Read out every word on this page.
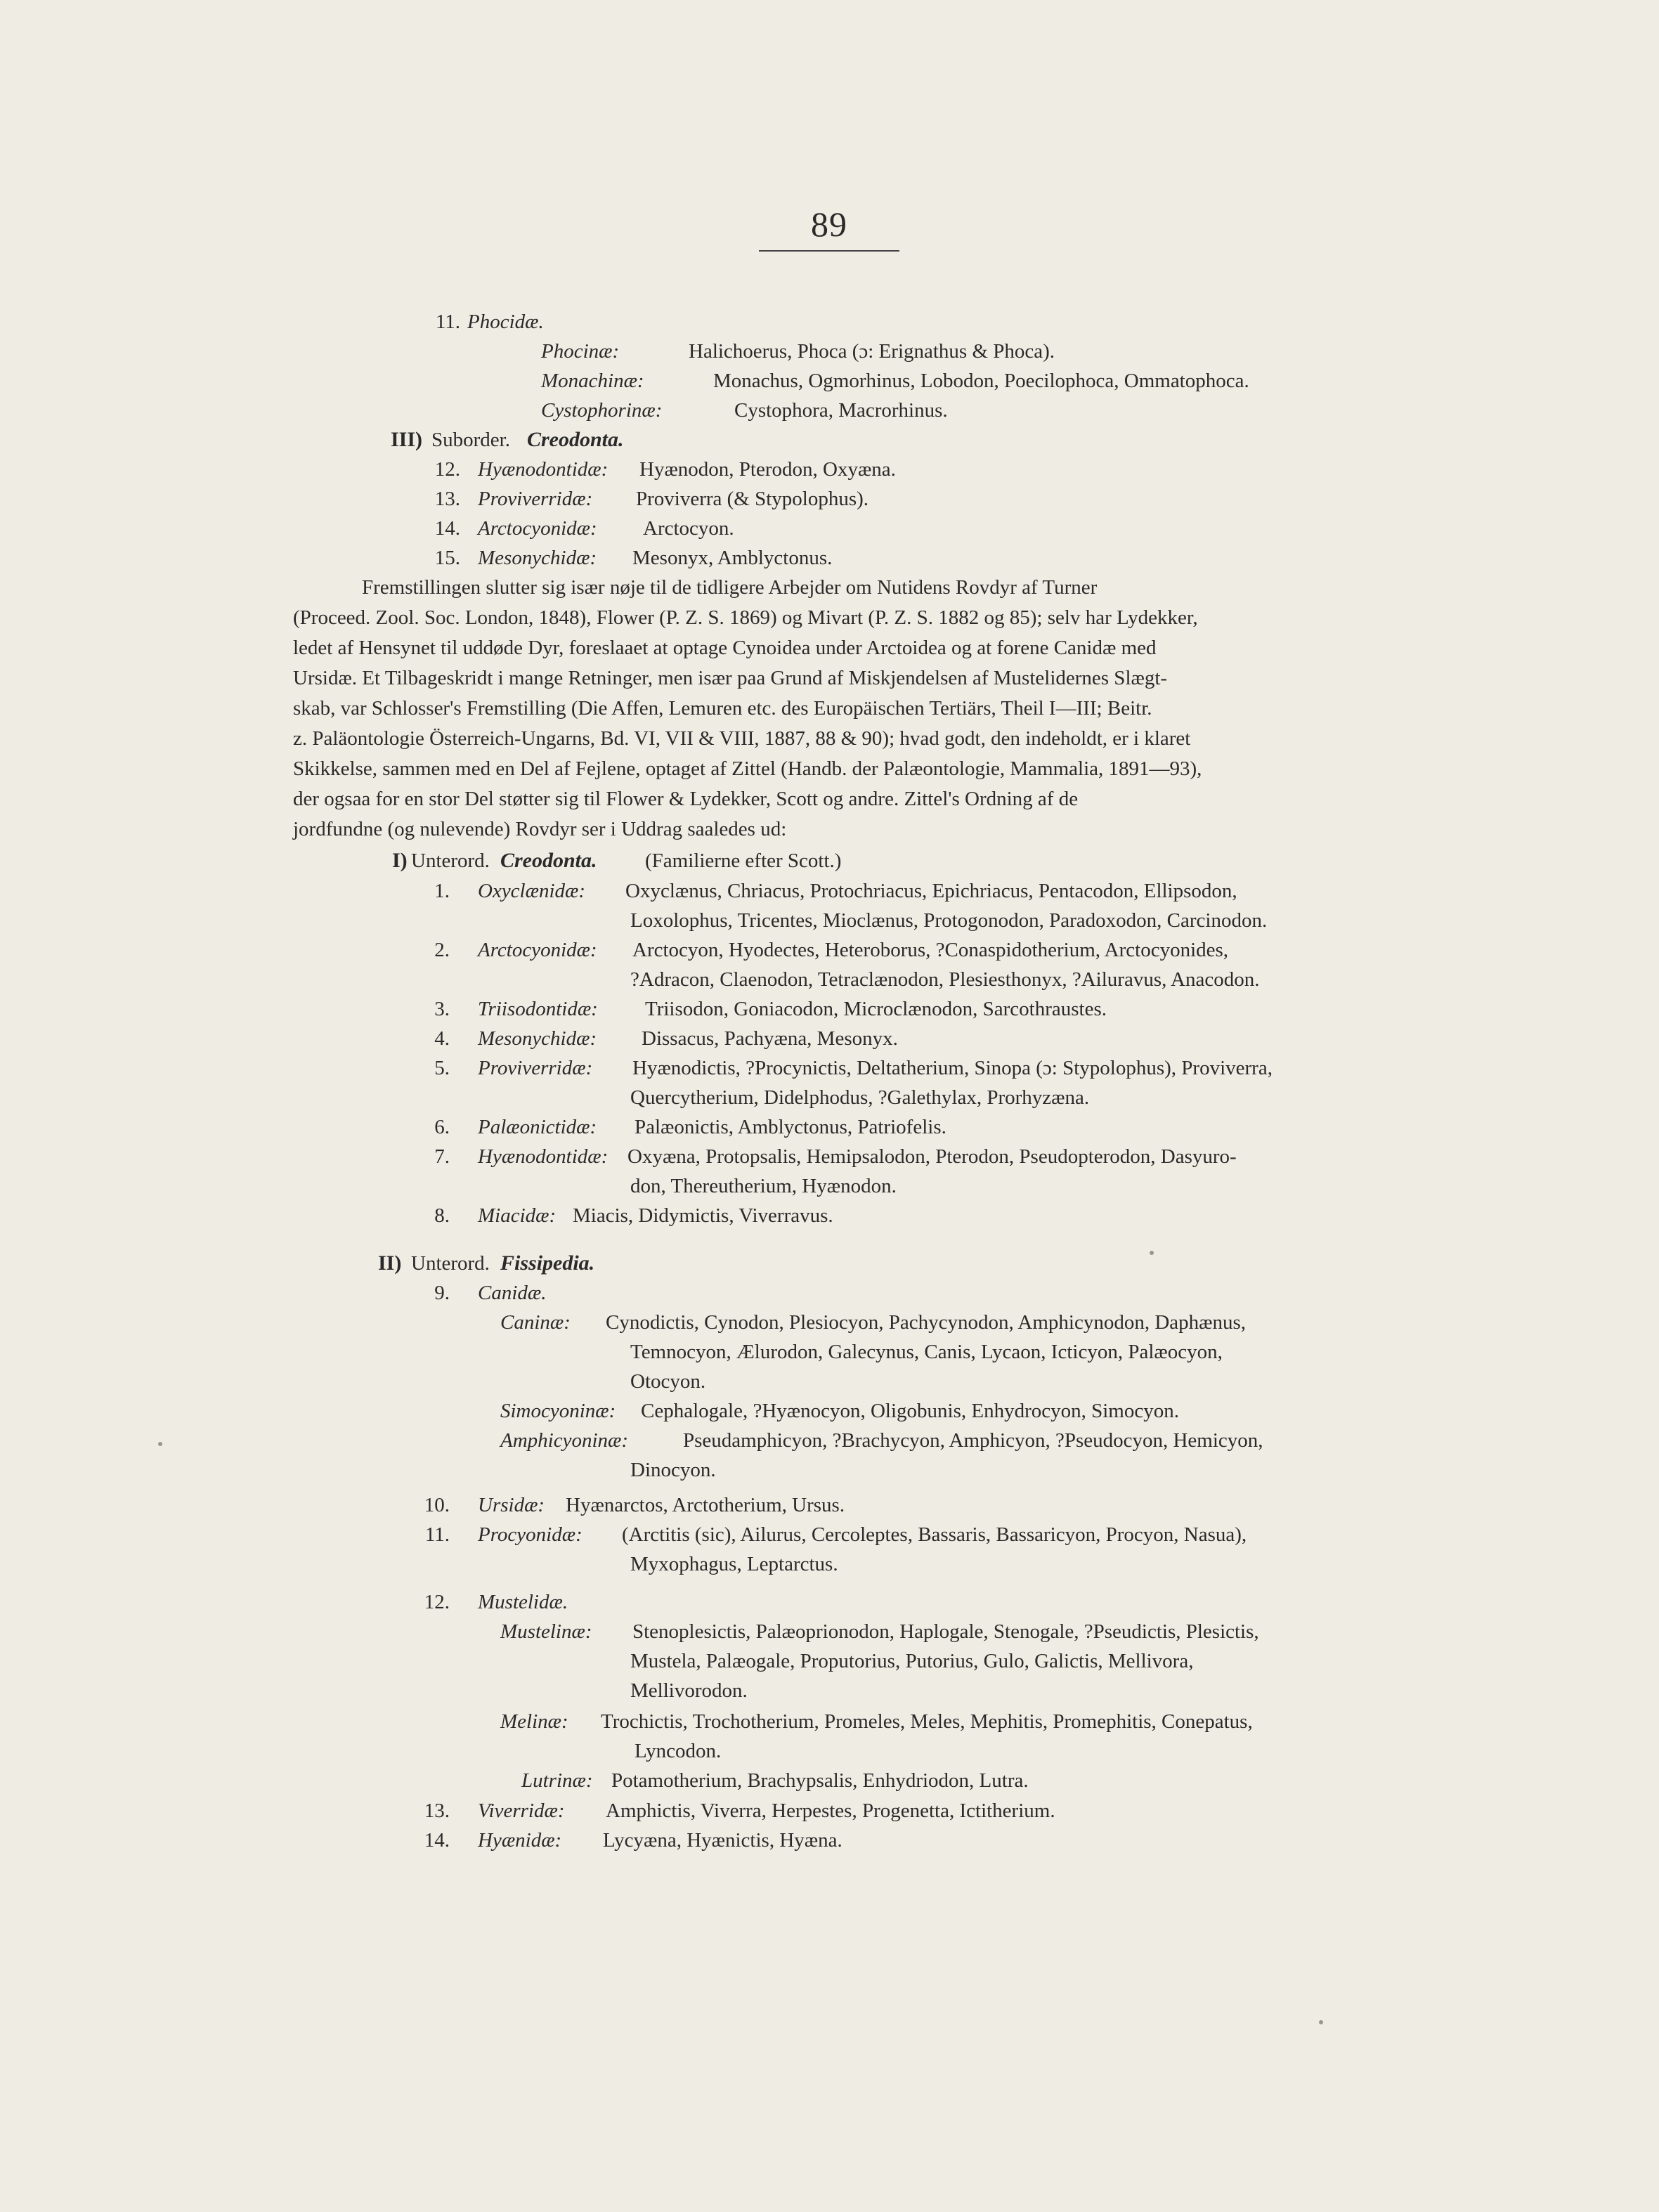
89
11. Phocidæ.
Phocinæ:	Halichoerus, Phoca (ɔ: Erignathus & Phoca).
Monachinæ:	Monachus, Ogmorhinus, Lobodon, Poecilophoca, Ommatophoca.
Cystophorinæ:	Cystophora, Macrorhinus.
III) Suborder. Creodonta.
12. Hyænodontidæ: Hyænodon, Pterodon, Oxyæna.
13. Proviverridæ: Proviverra (& Stypolophus).
14. Arctocyonidæ: Arctocyon.
15. Mesonychidæ: Mesonyx, Amblyctonus.
Fremstillingen slutter sig især nøje til de tidligere Arbejder om Nutidens Rovdyr af Turner
(Proceed. Zool. Soc. London, 1848), Flower (P. Z. S. 1869) og Mivart (P. Z. S. 1882 og 85); selv har Lydekker,
ledet af Hensynet til uddøde Dyr, foreslaaet at optage Cynoidea under Arctoidea og at forene Canidæ med
Ursidæ. Et Tilbageskridt i mange Retninger, men især paa Grund af Miskjendelsen af Mustelidernes Slægt-
skab, var Schlosser's Fremstilling (Die Affen, Lemuren etc. des Europäischen Tertiärs, Theil I—III; Beitr.
z. Paläontologie Österreich-Ungarns, Bd. VI, VII & VIII, 1887, 88 & 90); hvad godt, den indeholdt, er i klaret
Skikkelse, sammen med en Del af Fejlene, optaget af Zittel (Handb. der Palæontologie, Mammalia, 1891—93),
der ogsaa for en stor Del støtter sig til Flower & Lydekker, Scott og andre. Zittel's Ordning af de
jordfundne (og nulevende) Rovdyr ser i Uddrag saaledes ud:
I) Unterord. Creodonta. (Familierne efter Scott.)
1. Oxyclænidæ: Oxyclænus, Chriacus, Protochriacus, Epichriacus, Pentacodon, Ellipsodon,
Loxolophus, Tricentes, Mioclænus, Protogonodon, Paradoxodon, Carcinodon.
2. Arctocyonidæ: Arctocyon, Hyodectes, Heteroborus, ?Conaspidotherium, Arctocyonides,
?Adracon, Claenodon, Tetraclænodon, Plesiesthonyx, ?Ailuravus, Anacodon.
3. Triisodontidæ: Triisodon, Goniacodon, Microclænodon, Sarcothraustes.
4. Mesonychidæ: Dissacus, Pachyæna, Mesonyx.
5. Proviverridæ: Hyænodictis, ?Procynictis, Deltatherium, Sinopa (ɔ: Stypolophus), Proviverra,
Quercytherium, Didelphodus, ?Galethylax, Prorhyzæna.
6. Palæonictidæ: Palæonictis, Amblyctonus, Patriofelis.
7. Hyænodontidæ: Oxyæna, Protopsalis, Hemipsalodon, Pterodon, Pseudopterodon, Dasyuro-
don, Thereutherium, Hyænodon.
8. Miacidæ: Miacis, Didymictis, Viverravus.
II) Unterord. Fissipedia.
9. Canidæ.
Caninæ: Cynodictis, Cynodon, Plesiocyon, Pachycynodon, Amphicynodon, Daphænus,
Temnocyon, Ælurodon, Galecynus, Canis, Lycaon, Icticyon, Palæocyon,
Otocyon.
Simocyoninæ: Cephalogale, ?Hyænocyon, Oligobunis, Enhydrocyon, Simocyon.
Amphicyoninæ:	Pseudamphicyon, ?Brachycyon, Amphicyon, ?Pseudocyon, Hemicyon,
Dinocyon.
10. Ursidæ: Hyænarctos, Arctotherium, Ursus.
11. Procyonidæ: (Arctitis (sic), Ailurus, Cercoleptes, Bassaris, Bassaricyon, Procyon, Nasua),
Myxophagus, Leptarctus.
12. Mustelidæ.
Mustelinæ: Stenoplesictis, Palæoprionodon, Haplogale, Stenogale, ?Pseudictis, Plesictis,
Mustela, Palæogale, Proputorius, Putorius, Gulo, Galictis, Mellivora,
Mellivorodon.
Melinæ: Trochictis, Trochotherium, Promeles, Meles, Mephitis, Promephitis, Conepatus,
Lyncodon.
Lutrinæ: Potamotherium, Brachypsalis, Enhydriodon, Lutra.
13. Viverridæ: Amphictis, Viverra, Herpestes, Progenetta, Ictitherium.
14. Hyænidæ: Lycyæna, Hyænictis, Hyæna.
